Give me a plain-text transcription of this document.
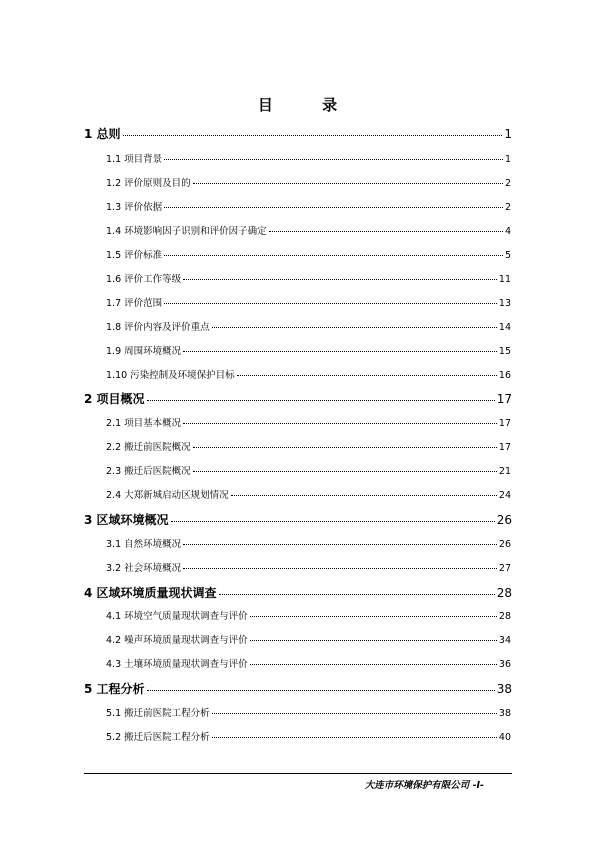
目 录
1 总则	1
1.1 项目背景	1
1.2 评价原则及目的	2
1.3 评价依据	2
1.4 环境影响因子识别和评价因子确定	4
1.5 评价标准	5
1.6 评价工作等级	11
1.7 评价范围	13
1.8 评价内容及评价重点	14
1.9 周围环境概况	15
1.10 污染控制及环境保护目标	16
2 项目概况	17
2.1 项目基本概况	17
2.2 搬迁前医院概况	17
2.3 搬迁后医院概况	21
2.4 大郑新城启动区规划情况	24
3 区域环境概况	26
3.1 自然环境概况	26
3.2 社会环境概况	27
4 区域环境质量现状调查	28
4.1 环境空气质量现状调查与评价	28
4.2 噪声环境质量现状调查与评价	34
4.3 土壤环境质量现状调查与评价	36
5 工程分析	38
5.1 搬迁前医院工程分析	38
5.2 搬迁后医院工程分析	40
大连市环境保护有限公司 -I-
